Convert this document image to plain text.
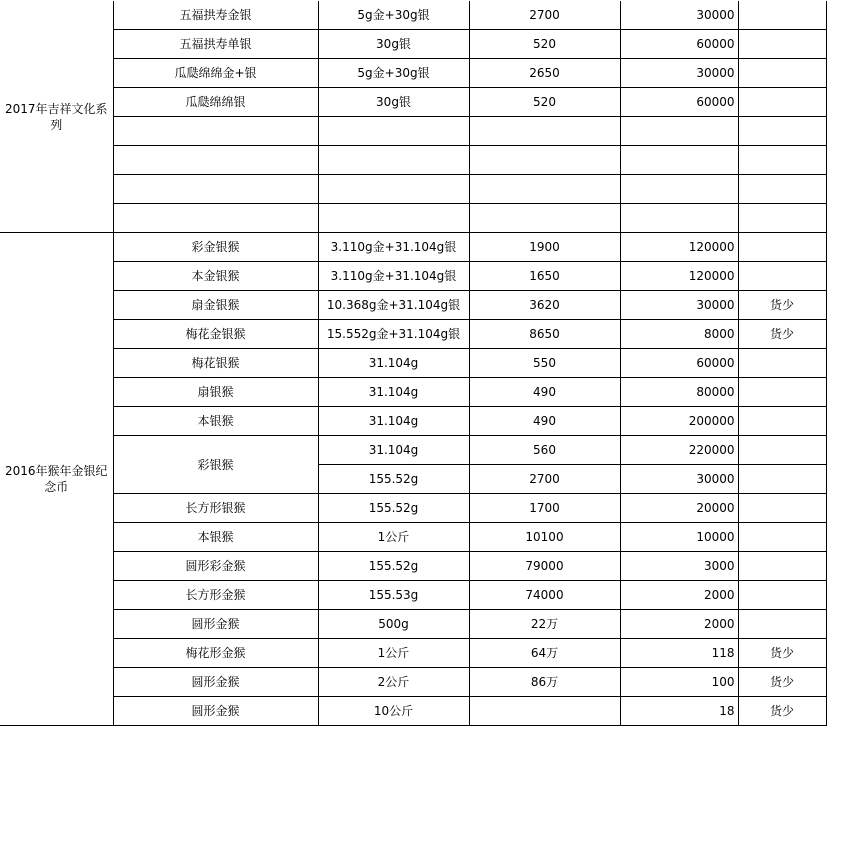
2017年吉祥文化系列	五福拱寿金银	5g金+30g银	2700	30000	
	五福拱寿单银	30g银	520	60000	
	瓜瓞绵绵金+银	5g金+30g银	2650	30000	
	瓜瓞绵绵银	30g银	520	60000	

2016年猴年金银纪念币	彩金银猴	3.110g金+31.104g银	1900	120000	
	本金银猴	3.110g金+31.104g银	1650	120000	
	扇金银猴	10.368g金+31.104g银	3620	30000	货少
	梅花金银猴	15.552g金+31.104g银	8650	8000	货少
	梅花银猴	31.104g	550	60000	
	扇银猴	31.104g	490	80000	
	本银猴	31.104g	490	200000	
	彩银猴	31.104g	560	220000	
		155.52g	2700	30000	
	长方形银猴	155.52g	1700	20000	
	本银猴	1公斤	10100	10000	
	圆形彩金猴	155.52g	79000	3000	
	长方形金猴	155.53g	74000	2000	
	圆形金猴	500g	22万	2000	
	梅花形金猴	1公斤	64万	118	货少
	圆形金猴	2公斤	86万	100	货少
	圆形金猴	10公斤		18	货少
